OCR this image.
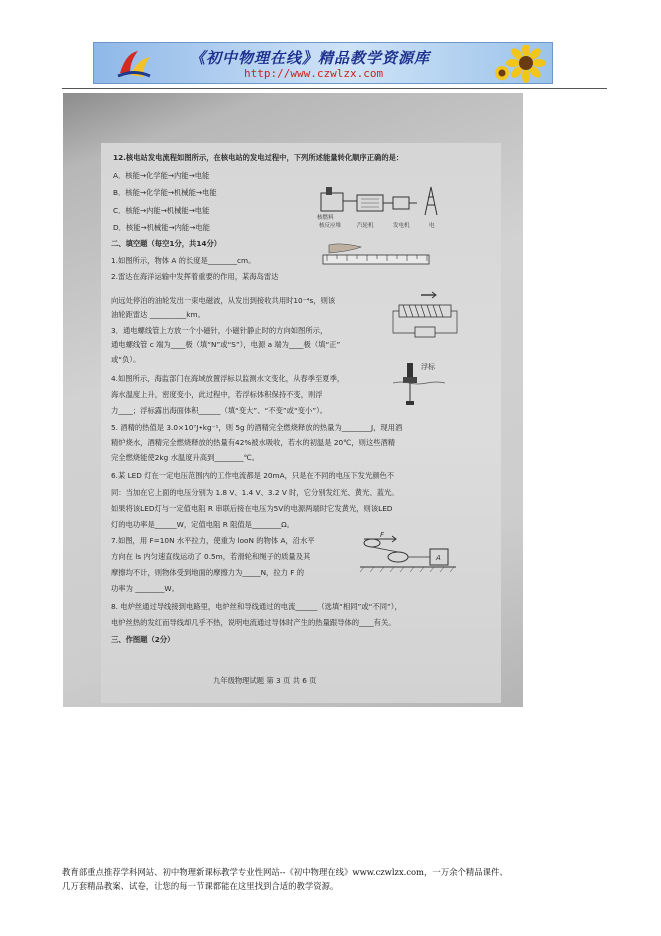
《初中物理在线》精品教学资源库
http://www.czwlzx.com
12.核电站发电流程如图所示，在核电站的发电过程中，下列所述能量转化顺序正确的是：
A．核能→化学能→内能→电能
B．核能→化学能→机械能→电能
C．核能→内能→机械能→电能
D．核能→机械能→内能→电能
二、填空题（每空1分，共14分）
1.如图所示，物体 A 的长度是________cm。
2.雷达在海洋运输中发挥着重要的作用，某海岛雷达
向远处停泊的油轮发出一束电磁波，从发出到接收共用时10⁻⁴s，则该
油轮距雷达 __________km。
3．通电螺线管上方放一个小磁针，小磁针静止时的方向如图所示，
通电螺线管 c 端为____极（填“N”或“S”），电源 a 端为____极（填“正”
或“负）。
4.如图所示，海监部门在海域放置浮标以监测水文变化，从春季至夏季，
海水温度上升，密度变小，此过程中，若浮标体积保持不变，则浮
力____；浮标露出海面体积______（填“变大”、“不变”或“变小”）。
5. 酒精的热值是 3.0×10⁷J•kg⁻¹，则 5g 的酒精完全燃烧释放的热量为________J，现用酒
精炉烧水，酒精完全燃烧释放的热量有42%被水吸收，若水的初温是 20℃，则这些酒精
完全燃烧能使2kg 水温度升高到________℃。
6.某 LED 灯在一定电压范围内的工作电流都是 20mA，只是在不同的电压下发光颜色不
同：当加在它上面的电压分别为 1.8 V、1.4 V、3.2 V 时，它分别发红光、黄光、蓝光。
如果将该LED灯与一定值电阻 R 串联后接在电压为5V的电源两端时它发黄光，则该LED
灯的电功率是______W，定值电阻 R 阻值是________Ω。
7.如图，用 F=10N 水平拉力，使重为 looN 的物体 A，沿水平
方向在 ls 内匀速直线运动了 0.5m，若滑轮和绳子的质量及其
摩擦均不计，则物体受到地面的摩擦力为_____N，拉力 F 的
功率为 ________W。
8. 电炉丝通过导线接到电路里，电炉丝和导线通过的电流______（选填“相同”或“不同”），
电炉丝热的发红而导线却几乎不热，说明电流通过导体时产生的热量跟导体的____有关。
三、作图题（2分）
核燃料
核反应堆	汽轮机	发电机	电
浮标
F
A
九年级物理试题 第 3 页 共 6 页
教育部重点推荐学科网站、初中物理新课标教学专业性网站--《初中物理在线》www.czwlzx.com，一万余个精品课件、
几万套精品教案、试卷，让您的每一节课都能在这里找到合适的教学资源。
